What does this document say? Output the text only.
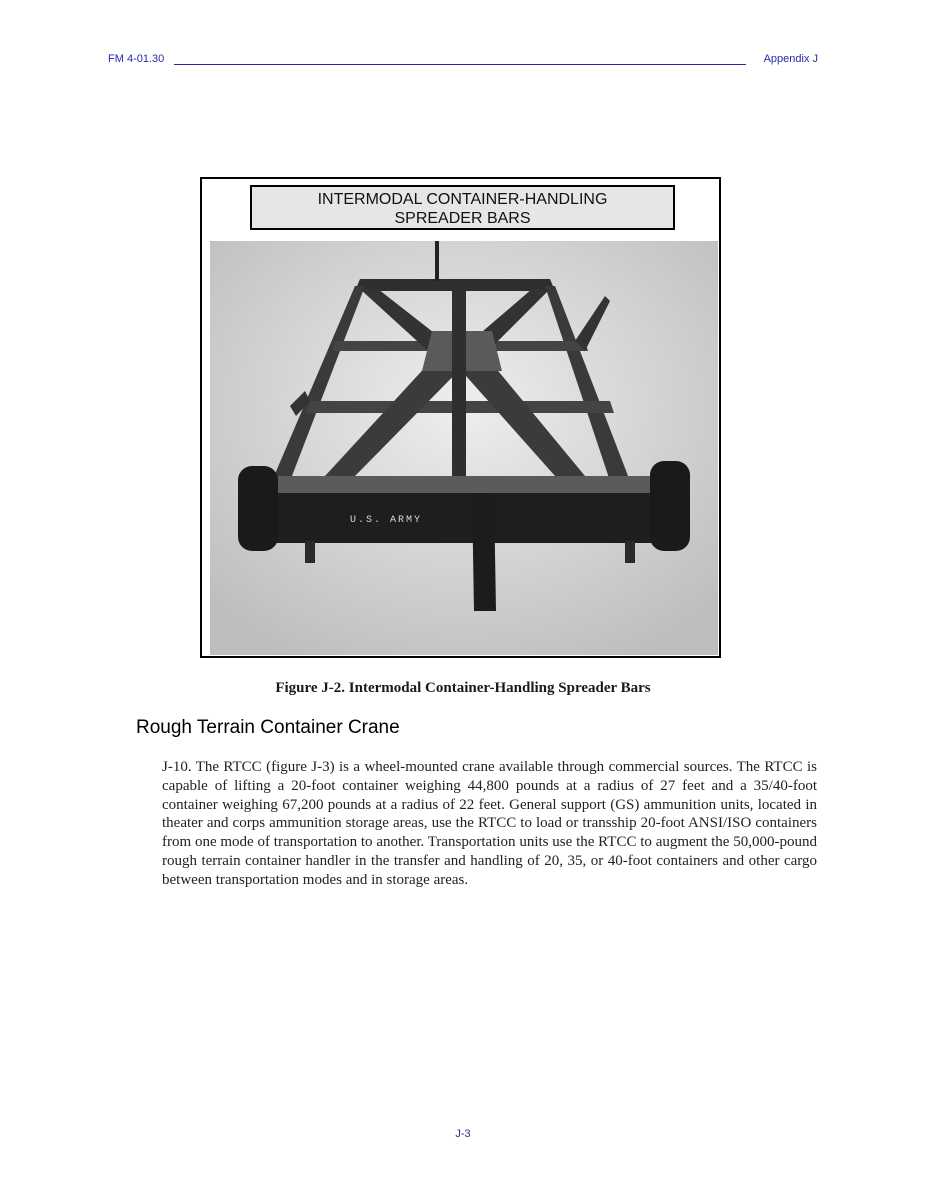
FM 4-01.30	Appendix J
INTERMODAL CONTAINER-HANDLING
SPREADER BARS
U.S. ARMY
Figure J-2. Intermodal Container-Handling Spreader Bars
Rough Terrain Container Crane
J-10. The RTCC (figure J-3) is a wheel-mounted crane available through commercial sources. The RTCC is capable of lifting a 20-foot container weighing 44,800 pounds at a radius of 27 feet and a 35/40-foot container weighing 67,200 pounds at a radius of 22 feet. General support (GS) ammunition units, located in theater and corps ammunition storage areas, use the RTCC to load or transship 20-foot ANSI/ISO containers from one mode of transportation to another. Transportation units use the RTCC to augment the 50,000-pound rough terrain container handler in the transfer and handling of 20, 35, or 40-foot containers and other cargo between transportation modes and in storage areas.
J-3
